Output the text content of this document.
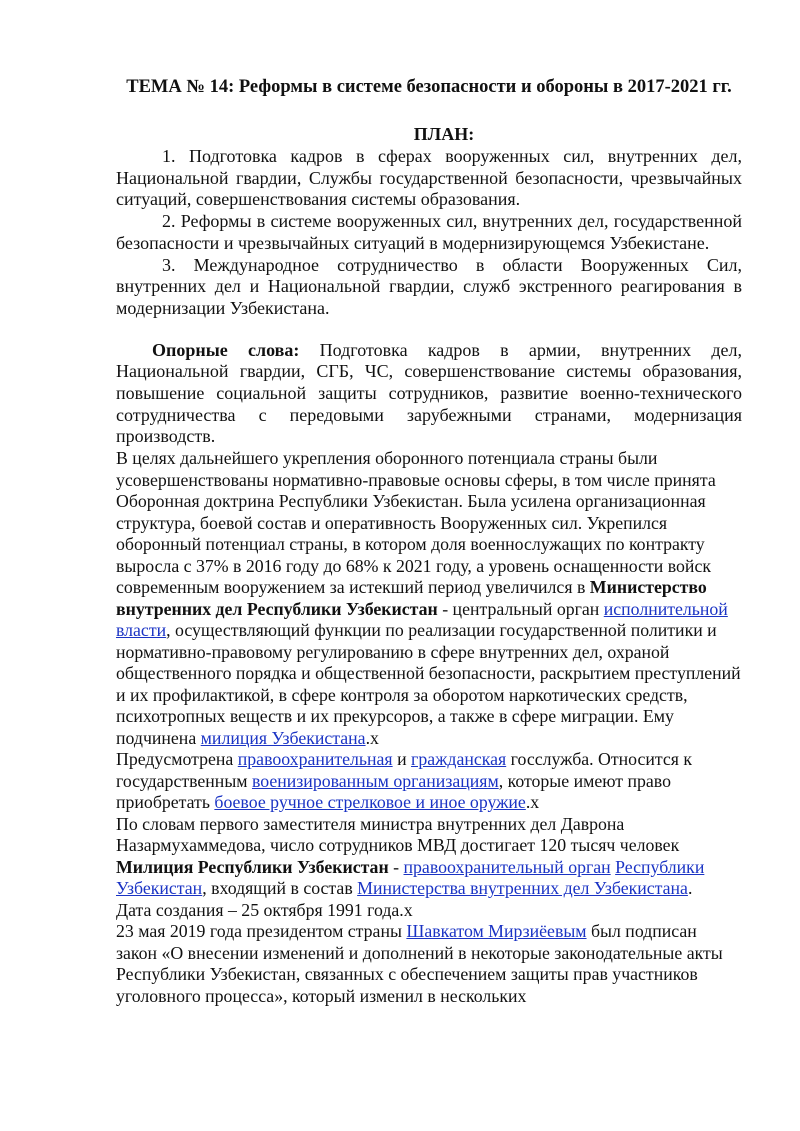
ТЕМА № 14: Реформы в системе безопасности и обороны в 2017-2021 гг.
ПЛАН:

1. Подготовка кадров в сферах вооруженных сил, внутренних дел, Национальной гвардии, Службы государственной безопасности, чрезвычайных ситуаций, совершенствования системы образования.

2. Реформы в системе вооруженных сил, внутренних дел, государственной безопасности и чрезвычайных ситуаций в модернизирующемся Узбекистане.

3. Международное сотрудничество в области Вооруженных Сил, внутренних дел и Национальной гвардии, служб экстренного реагирования в модернизации Узбекистана.

Опорные слова: Подготовка кадров в армии, внутренних дел, Национальной гвардии, СГБ, ЧС, совершенствование системы образования, повышение социальной защиты сотрудников, развитие военно-технического сотрудничества с передовыми зарубежными странами, модернизация производств.

В целях дальнейшего укрепления оборонного потенциала страны были усовершенствованы нормативно-правовые основы сферы, в том числе принята Оборонная доктрина Республики Узбекистан. Была усилена организационная структура, боевой состав и оперативность Вооруженных сил. Укрепился оборонный потенциал страны, в котором доля военнослужащих по контракту выросла с 37% в 2016 году до 68% к 2021 году, а уровень оснащенности войск современным вооружением за истекший период увеличился в Министерство внутренних дел Республики Узбекистан - центральный орган исполнительной власти, осуществляющий функции по реализации государственной политики и нормативно-правовому регулированию в сфере внутренних дел, охраной общественного порядка и общественной безопасности, раскрытием преступлений и их профилактикой, в сфере контроля за оборотом наркотических средств, психотропных веществ и их прекурсоров, а также в сфере миграции. Ему подчинена милиция Узбекистана.х

Предусмотрена правоохранительная и гражданская госслужба. Относится к государственным военизированным организациям, которые имеют право приобретать боевое ручное стрелковое и иное оружие.х

По словам первого заместителя министра внутренних дел Даврона Назармухаммедова, число сотрудников МВД достигает 120 тысяч человек

Милиция Республики Узбекистан - правоохранительный орган Республики Узбекистан, входящий в состав Министерства внутренних дел Узбекистана.

Дата создания – 25 октября 1991 года.х

23 мая 2019 года президентом страны Шавкатом Мирзиёевым был подписан закон «О внесении изменений и дополнений в некоторые законодательные акты Республики Узбекистан, связанных с обеспечением защиты прав участников уголовного процесса», который изменил в нескольких
